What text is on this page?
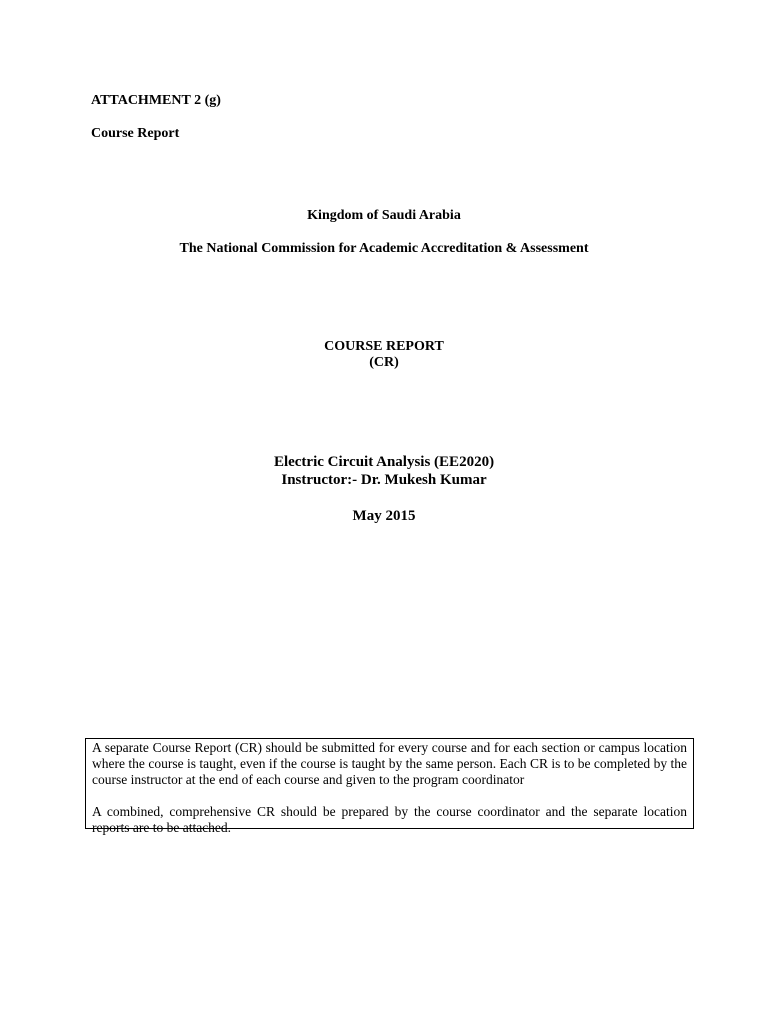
ATTACHMENT 2 (g)

Course Report

Kingdom of Saudi Arabia

The National Commission for Academic Accreditation & Assessment

COURSE REPORT

(CR)

Electric Circuit Analysis (EE2020)

Instructor:- Dr. Mukesh Kumar

May 2015

A separate Course Report (CR) should be submitted for every course and for each section or campus location where the course is taught, even if the course is taught by the same person. Each CR is to be completed by the course instructor at the end of each course and given to the program coordinator

A combined, comprehensive CR should be prepared by the course coordinator and the separate location reports are to be attached.
